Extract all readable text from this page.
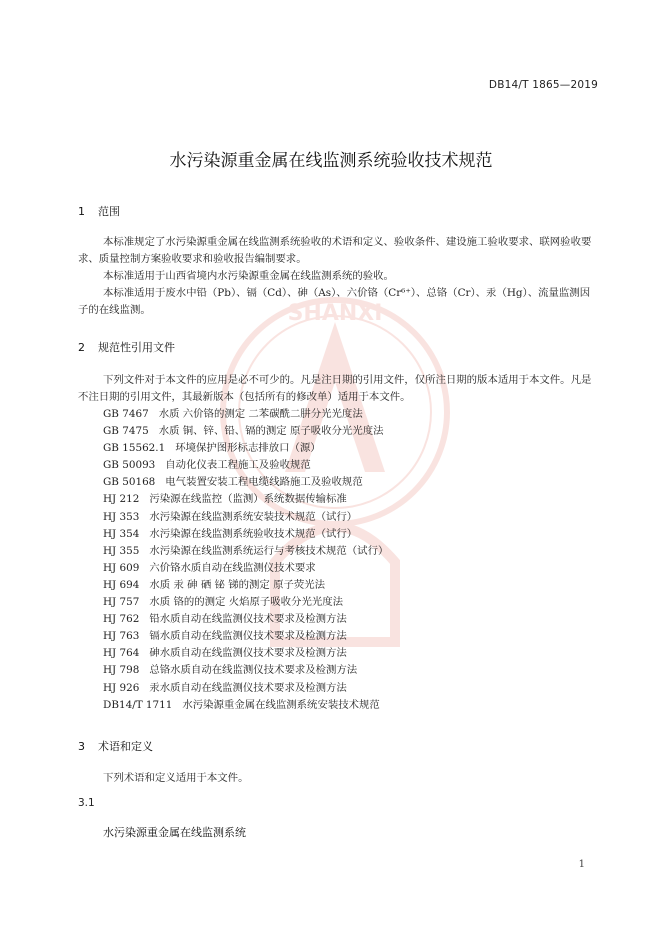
SHANXI
DB14/T 1865—2019
水污染源重金属在线监测系统验收技术规范
1 范围

本标准规定了水污染源重金属在线监测系统验收的术语和定义、验收条件、建设施工验收要求、联网验收要求、质量控制方案验收要求和验收报告编制要求。

本标准适用于山西省境内水污染源重金属在线监测系统的验收。

本标准适用于废水中铅（Pb）、镉（Cd）、砷（As）、六价铬（Cr⁶⁺）、总铬（Cr）、汞（Hg）、流量监测因子的在线监测。

2 规范性引用文件

下列文件对于本文件的应用是必不可少的。凡是注日期的引用文件，仅所注日期的版本适用于本文件。凡是不注日期的引用文件，其最新版本（包括所有的修改单）适用于本文件。

GB 7467 水质 六价铬的测定 二苯碳酰二肼分光光度法
GB 7475 水质 铜、锌、铅、镉的测定 原子吸收分光光度法
GB 15562.1 环境保护图形标志排放口（源）
GB 50093 自动化仪表工程施工及验收规范
GB 50168 电气装置安装工程电缆线路施工及验收规范
HJ 212 污染源在线监控（监测）系统数据传输标准
HJ 353 水污染源在线监测系统安装技术规范（试行）
HJ 354 水污染源在线监测系统验收技术规范（试行）
HJ 355 水污染源在线监测系统运行与考核技术规范（试行）
HJ 609 六价铬水质自动在线监测仪技术要求
HJ 694 水质 汞 砷 硒 铋 锑的测定 原子荧光法
HJ 757 水质 铬的的测定 火焰原子吸收分光光度法
HJ 762 铅水质自动在线监测仪技术要求及检测方法
HJ 763 镉水质自动在线监测仪技术要求及检测方法
HJ 764 砷水质自动在线监测仪技术要求及检测方法
HJ 798 总铬水质自动在线监测仪技术要求及检测方法
HJ 926 汞水质自动在线监测仪技术要求及检测方法
DB14/T 1711 水污染源重金属在线监测系统安装技术规范
3 术语和定义

下列术语和定义适用于本文件。

3.1
水污染源重金属在线监测系统
1
